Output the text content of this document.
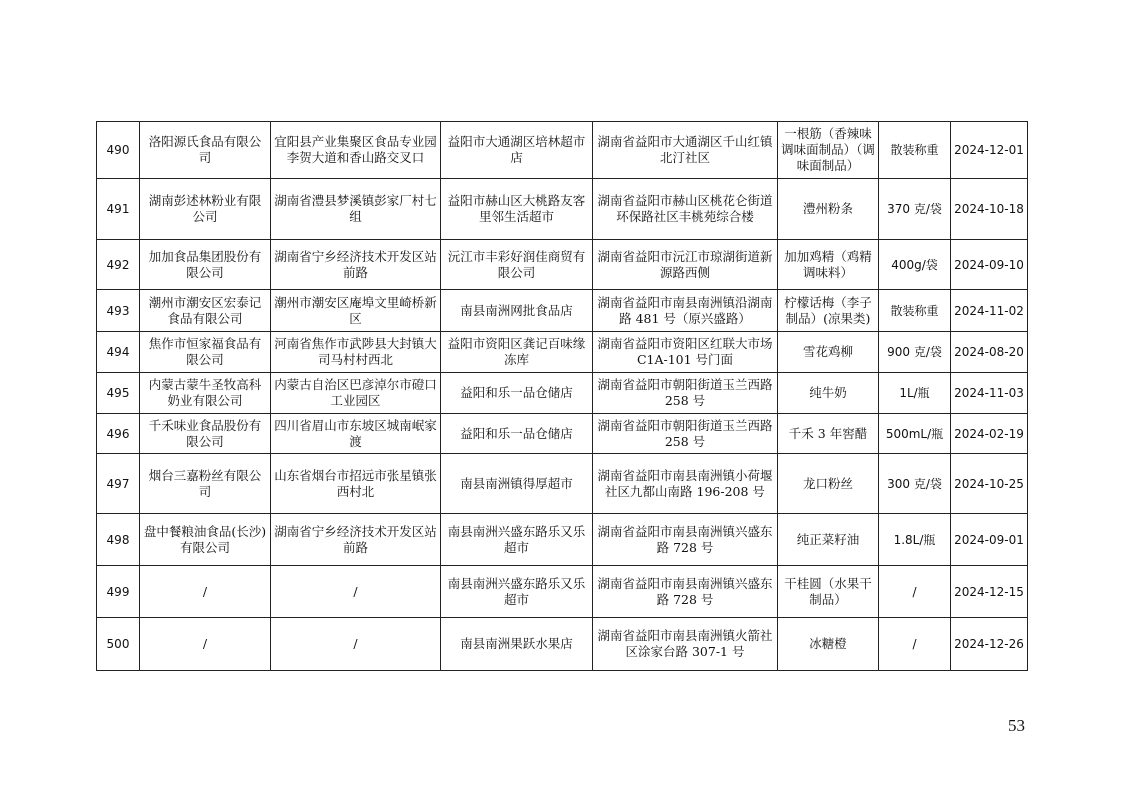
490	洛阳源氏食品有限公司	宜阳县产业集聚区食品专业园李贺大道和香山路交叉口	益阳市大通湖区培林超市店	湖南省益阳市大通湖区千山红镇北汀社区	一根筋（香辣味调味面制品）（调味面制品）	散装称重	2024-12-01
491	湖南彭述林粉业有限公司	湖南省澧县梦溪镇彭家厂村七组	益阳市赫山区大桃路友客里邻生活超市	湖南省益阳市赫山区桃花仑街道环保路社区丰桃苑综合楼	澧州粉条	370 克/袋	2024-10-18
492	加加食品集团股份有限公司	湖南省宁乡经济技术开发区站前路	沅江市丰彩好润佳商贸有限公司	湖南省益阳市沅江市琼湖街道新源路西侧	加加鸡精（鸡精调味料）	400g/袋	2024-09-10
493	潮州市潮安区宏泰记食品有限公司	潮州市潮安区庵埠文里崎桥新区	南县南洲网批食品店	湖南省益阳市南县南洲镇沿湖南路 481 号（原兴盛路）	柠檬话梅（李子制品）(凉果类)	散装称重	2024-11-02
494	焦作市恒家福食品有限公司	河南省焦作市武陟县大封镇大司马村村西北	益阳市资阳区龚记百味缘冻库	湖南省益阳市资阳区红联大市场 C1A-101 号门面	雪花鸡柳	900 克/袋	2024-08-20
495	内蒙古蒙牛圣牧高科奶业有限公司	内蒙古自治区巴彦淖尔市磴口工业园区	益阳和乐一品仓储店	湖南省益阳市朝阳街道玉兰西路 258 号	纯牛奶	1L/瓶	2024-11-03
496	千禾味业食品股份有限公司	四川省眉山市东坡区城南岷家渡	益阳和乐一品仓储店	湖南省益阳市朝阳街道玉兰西路 258 号	千禾 3 年窖醋	500mL/瓶	2024-02-19
497	烟台三嘉粉丝有限公司	山东省烟台市招远市张星镇张西村北	南县南洲镇得厚超市	湖南省益阳市南县南洲镇小荷堰社区九都山南路 196-208 号	龙口粉丝	300 克/袋	2024-10-25
498	盘中餐粮油食品(长沙)有限公司	湖南省宁乡经济技术开发区站前路	南县南洲兴盛东路乐又乐超市	湖南省益阳市南县南洲镇兴盛东路 728 号	纯正菜籽油	1.8L/瓶	2024-09-01
499	/	/	南县南洲兴盛东路乐又乐超市	湖南省益阳市南县南洲镇兴盛东路 728 号	干桂圆（水果干制品）	/	2024-12-15
500	/	/	南县南洲果跃水果店	湖南省益阳市南县南洲镇火箭社区涂家台路 307-1 号	冰糖橙	/	2024-12-26
53
